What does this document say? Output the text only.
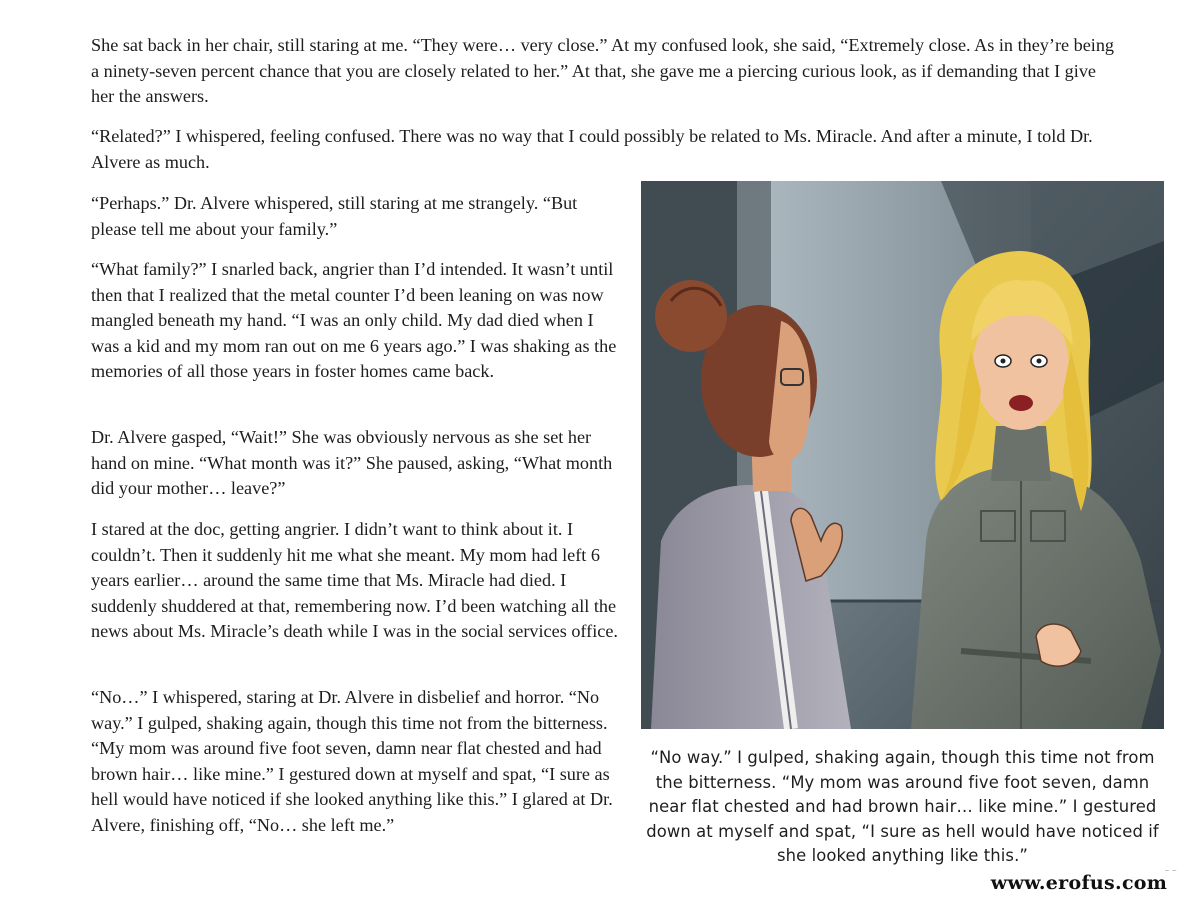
She sat back in her chair, still staring at me. “They were… very close.” At my confused look, she said, “Extremely close. As in they’re being a ninety-seven percent chance that you are closely related to her.” At that, she gave me a piercing curious look, as if demanding that I give her the answers.

“Related?” I whispered, feeling confused. There was no way that I could possibly be related to Ms. Miracle. And after a minute, I told Dr. Alvere as much.

“Perhaps.” Dr. Alvere whispered, still staring at me strangely. “But please tell me about your family.”

“What family?” I snarled back, angrier than I’d intended. It wasn’t until then that I realized that the metal counter I’d been leaning on was now mangled beneath my hand. “I was an only child. My dad died when I was a kid and my mom ran out on me 6 years ago.” I was shaking as the memories of all those years in foster homes came back.

Dr. Alvere gasped, “Wait!” She was obviously nervous as she set her hand on mine. “What month was it?” She paused, asking, “What month did your mother… leave?”

I stared at the doc, getting angrier. I didn’t want to think about it. I couldn’t. Then it suddenly hit me what she meant. My mom had left 6 years earlier… around the same time that Ms. Miracle had died. I suddenly shuddered at that, remembering now. I’d been watching all the news about Ms. Miracle’s death while I was in the social services office.

“No…” I whispered, staring at Dr. Alvere in disbelief and horror. “No way.” I gulped, shaking again, though this time not from the bitterness. “My mom was around five foot seven, damn near flat chested and had brown hair… like mine.” I gestured down at myself and spat, “I sure as hell would have noticed if she looked anything like this.” I glared at Dr. Alvere, finishing off, “No… she left me.”

“No way.” I gulped, shaking again, though this time not from the bitterness. “My mom was around five foot seven, damn near flat chested and had brown hair… like mine.” I gestured down at myself and spat, “I sure as hell would have noticed if she looked anything like this.”

www.erofus.com
